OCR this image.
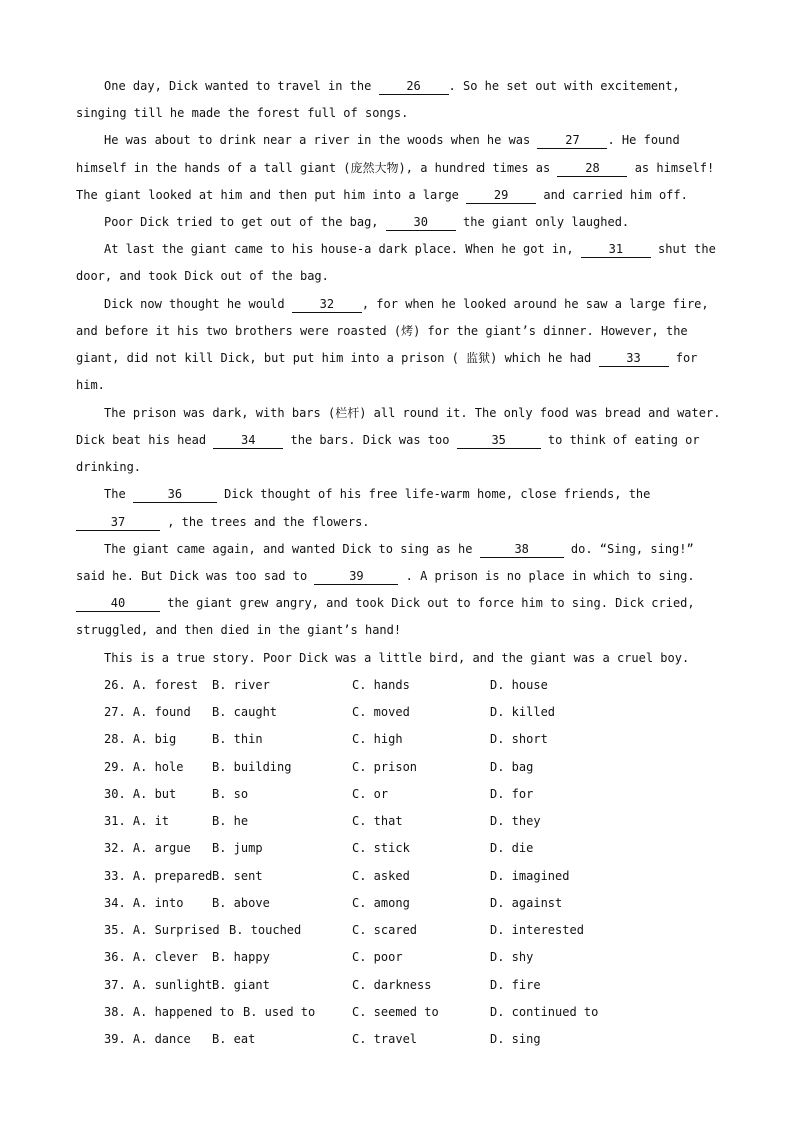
One day, Dick wanted to travel in the 26 . So he set out with excitement,
singing till he made the forest full of songs.
He was about to drink near a river in the woods when he was 27 . He found
himself in the hands of a tall giant (庞然大物), a hundred times as 28 as himself!
The giant looked at him and then put him into a large 29 and carried him off.
Poor Dick tried to get out of the bag, 30 the giant only laughed.
At last the giant came to his house-a dark place. When he got in, 31 shut the
door, and took Dick out of the bag.
Dick now thought he would 32 , for when he looked around he saw a large fire,
and before it his two brothers were roasted (烤) for the giant’s dinner. However, the
giant, did not kill Dick, but put him into a prison ( 监狱) which he had 33 for
him.
The prison was dark, with bars (栏杆) all round it. The only food was bread and water.
Dick beat his head 34 the bars. Dick was too	35	to think of eating or
drinking.
The	36	Dick thought of his free life-warm home, close friends, the
37	, the trees and the flowers.
The giant came again, and wanted Dick to sing as he	38	do. “Sing, sing!”
said he. But Dick was too sad to	39	. A prison is no place in which to sing.
40	the giant grew angry, and took Dick out to force him to sing. Dick cried,
struggled, and then died in the giant’s hand!
This is a true story. Poor Dick was a little bird, and the giant was a cruel boy.
26. A. forest B. river	C. hands	D. house
27. A. found B. caught	C. moved	D. killed
28. A. big	B. thin	C. high	D. short
29. A. hole B. building	C. prison	D. bag
30. A. but	B. so	C. or	D. for
31. A. it	B. he	C. that	D. they
32. A. argue B. jump	C. stick	D. die
33. A. prepared B. sent	C. asked	D. imagined
34. A. into B. above	C. among	D. against
35. A. Surprised B. touched	C. scared	D. interested
36. A. clever B. happy	C. poor	D. shy
37. A. sunlight B. giant	C. darkness	D. fire
38. A. happened to B. used to	C. seemed to	D. continued to
39. A. dance B. eat	C. travel	D. sing
